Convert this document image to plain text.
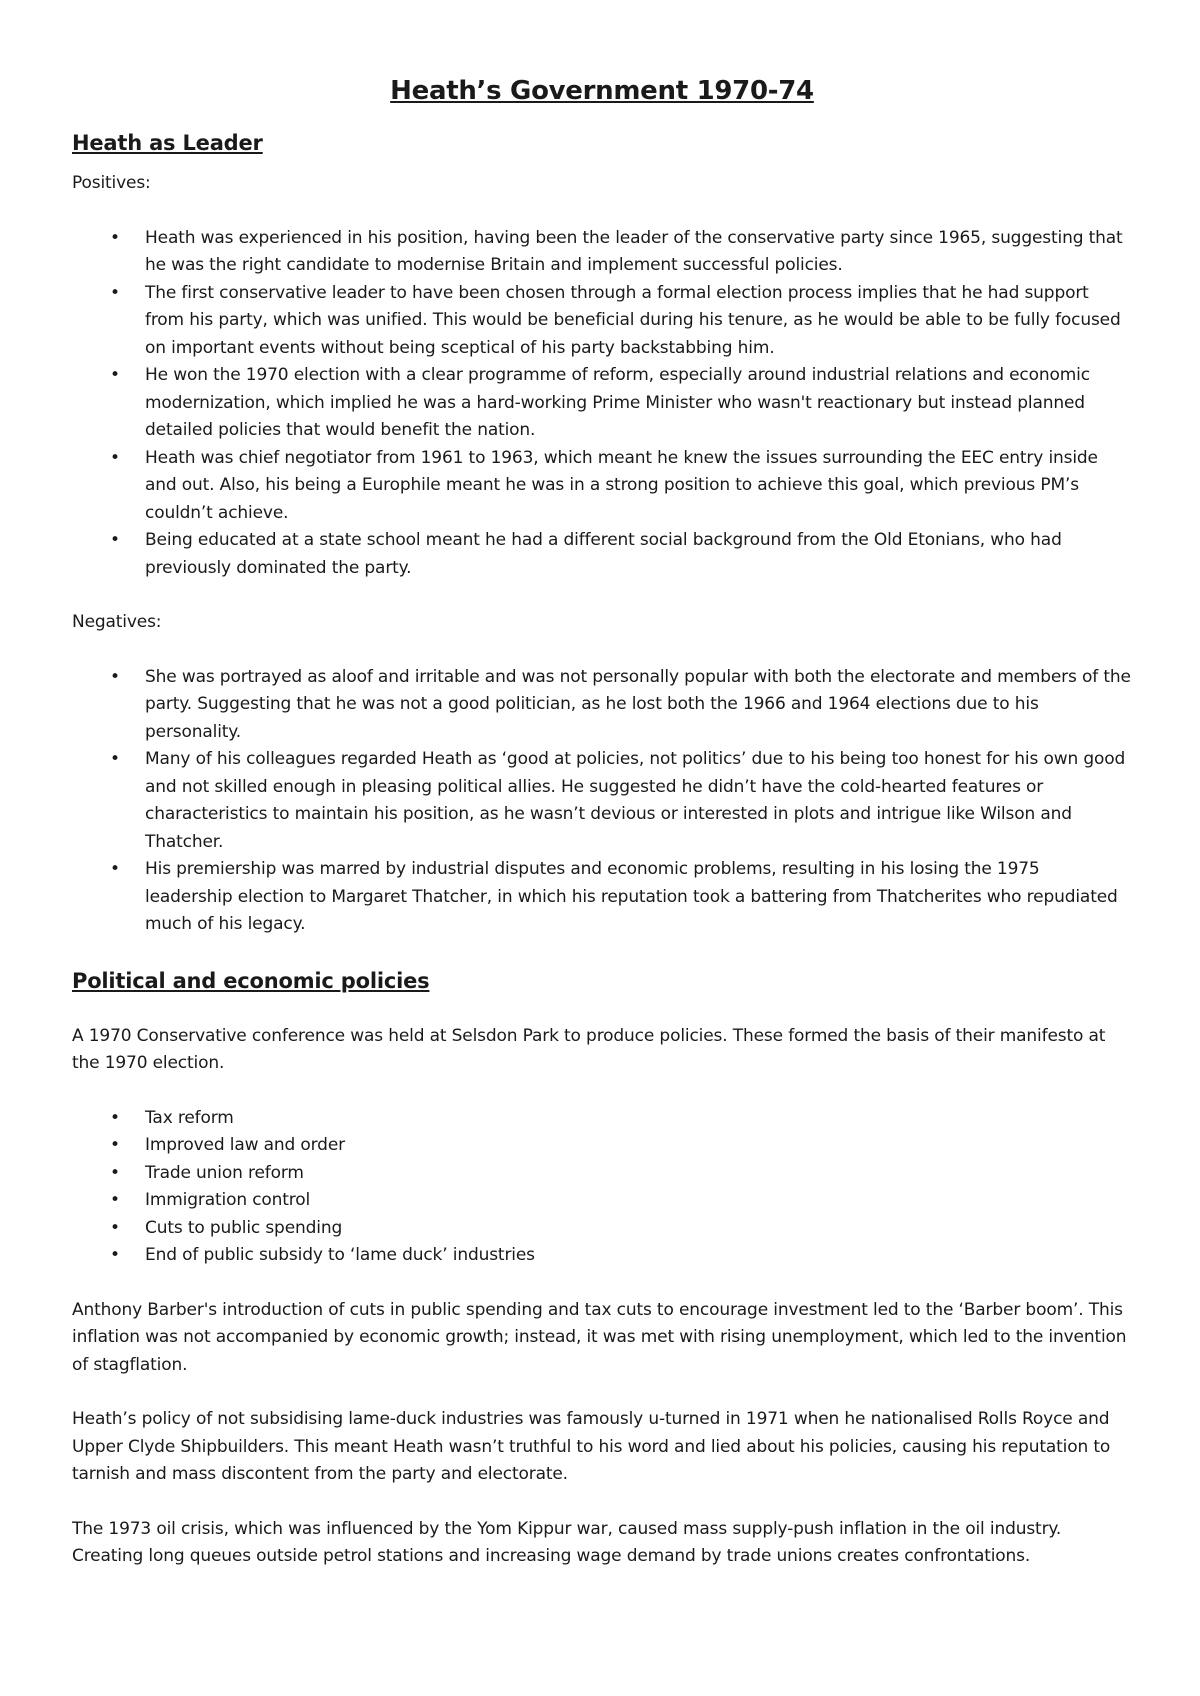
Heath’s Government 1970-74
Heath as Leader

Positives:

• Heath was experienced in his position, having been the leader of the conservative party since 1965, suggesting that he was the right candidate to modernise Britain and implement successful policies.
• The first conservative leader to have been chosen through a formal election process implies that he had support from his party, which was unified. This would be beneficial during his tenure, as he would be able to be fully focused on important events without being sceptical of his party backstabbing him.
• He won the 1970 election with a clear programme of reform, especially around industrial relations and economic modernization, which implied he was a hard-working Prime Minister who wasn't reactionary but instead planned detailed policies that would benefit the nation.
• Heath was chief negotiator from 1961 to 1963, which meant he knew the issues surrounding the EEC entry inside and out. Also, his being a Europhile meant he was in a strong position to achieve this goal, which previous PM’s couldn’t achieve.
• Being educated at a state school meant he had a different social background from the Old Etonians, who had previously dominated the party.

Negatives:

• She was portrayed as aloof and irritable and was not personally popular with both the electorate and members of the party. Suggesting that he was not a good politician, as he lost both the 1966 and 1964 elections due to his personality.
• Many of his colleagues regarded Heath as ‘good at policies, not politics’ due to his being too honest for his own good and not skilled enough in pleasing political allies. He suggested he didn’t have the cold-hearted features or characteristics to maintain his position, as he wasn’t devious or interested in plots and intrigue like Wilson and Thatcher.
• His premiership was marred by industrial disputes and economic problems, resulting in his losing the 1975 leadership election to Margaret Thatcher, in which his reputation took a battering from Thatcherites who repudiated much of his legacy.
Political and economic policies

A 1970 Conservative conference was held at Selsdon Park to produce policies. These formed the basis of their manifesto at the 1970 election.

• Tax reform
• Improved law and order
• Trade union reform
• Immigration control
• Cuts to public spending
• End of public subsidy to ‘lame duck’ industries

Anthony Barber's introduction of cuts in public spending and tax cuts to encourage investment led to the ‘Barber boom’. This inflation was not accompanied by economic growth; instead, it was met with rising unemployment, which led to the invention of stagflation.

Heath’s policy of not subsidising lame-duck industries was famously u-turned in 1971 when he nationalised Rolls Royce and Upper Clyde Shipbuilders. This meant Heath wasn’t truthful to his word and lied about his policies, causing his reputation to tarnish and mass discontent from the party and electorate.

The 1973 oil crisis, which was influenced by the Yom Kippur war, caused mass supply-push inflation in the oil industry. Creating long queues outside petrol stations and increasing wage demand by trade unions creates confrontations.
